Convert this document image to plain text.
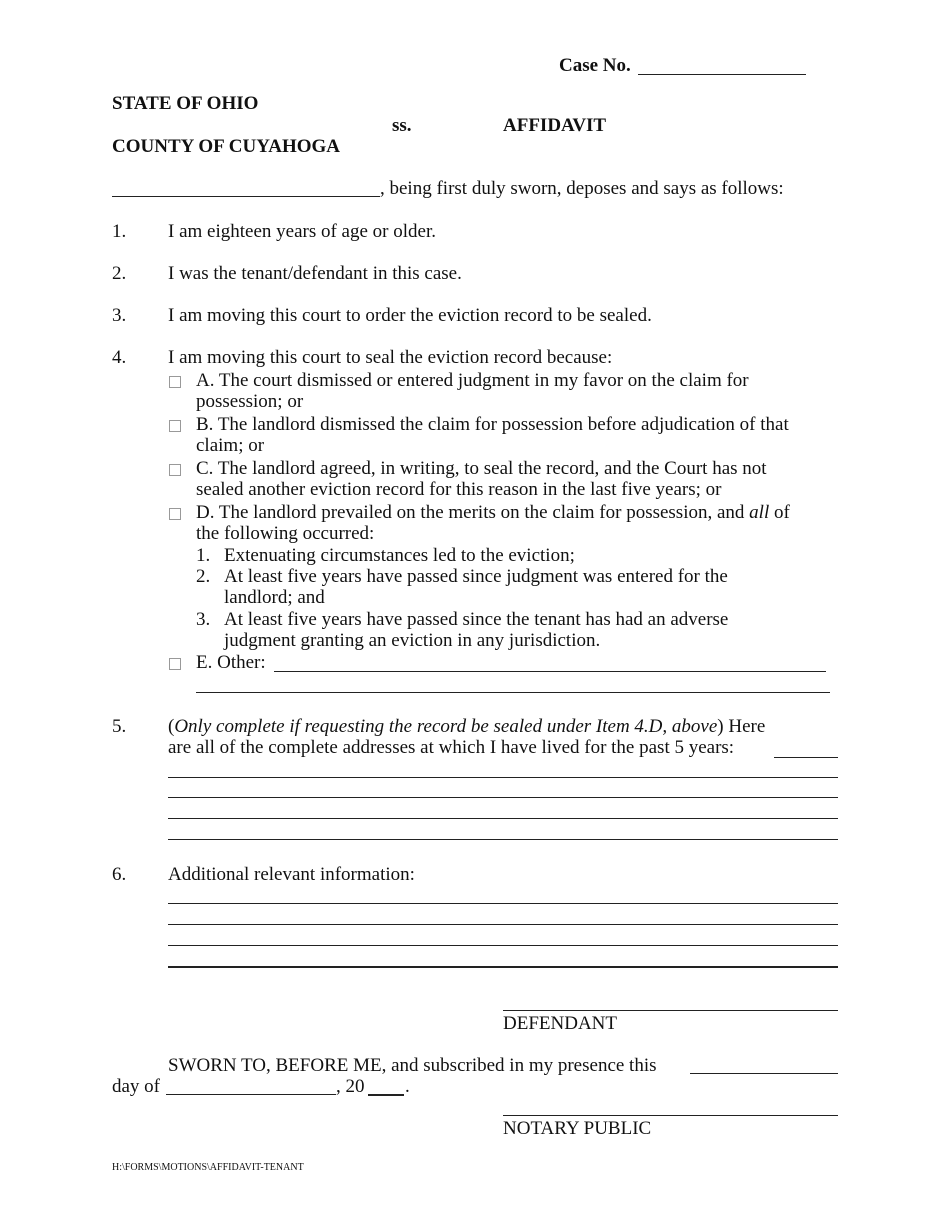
Case No.
STATE OF OHIO
ss.	AFFIDAVIT
COUNTY OF CUYAHOGA
, being first duly sworn, deposes and says as follows:
1. I am eighteen years of age or older.
2. I was the tenant/defendant in this case.
3. I am moving this court to order the eviction record to be sealed.
4. I am moving this court to seal the eviction record because:
A. The court dismissed or entered judgment in my favor on the claim for
possession; or
B. The landlord dismissed the claim for possession before adjudication of that
claim; or
C. The landlord agreed, in writing, to seal the record, and the Court has not
sealed another eviction record for this reason in the last five years; or
D. The landlord prevailed on the merits on the claim for possession, and all of
the following occurred:
1. Extenuating circumstances led to the eviction;
2. At least five years have passed since judgment was entered for the
landlord; and
3. At least five years have passed since the tenant has had an adverse
judgment granting an eviction in any jurisdiction.
E. Other:
5. (Only complete if requesting the record be sealed under Item 4.D, above) Here
are all of the complete addresses at which I have lived for the past 5 years:
6. Additional relevant information:
DEFENDANT
SWORN TO, BEFORE ME, and subscribed in my presence this
day of	, 20 .
NOTARY PUBLIC
H:\FORMS\MOTIONS\AFFIDAVIT-TENANT
